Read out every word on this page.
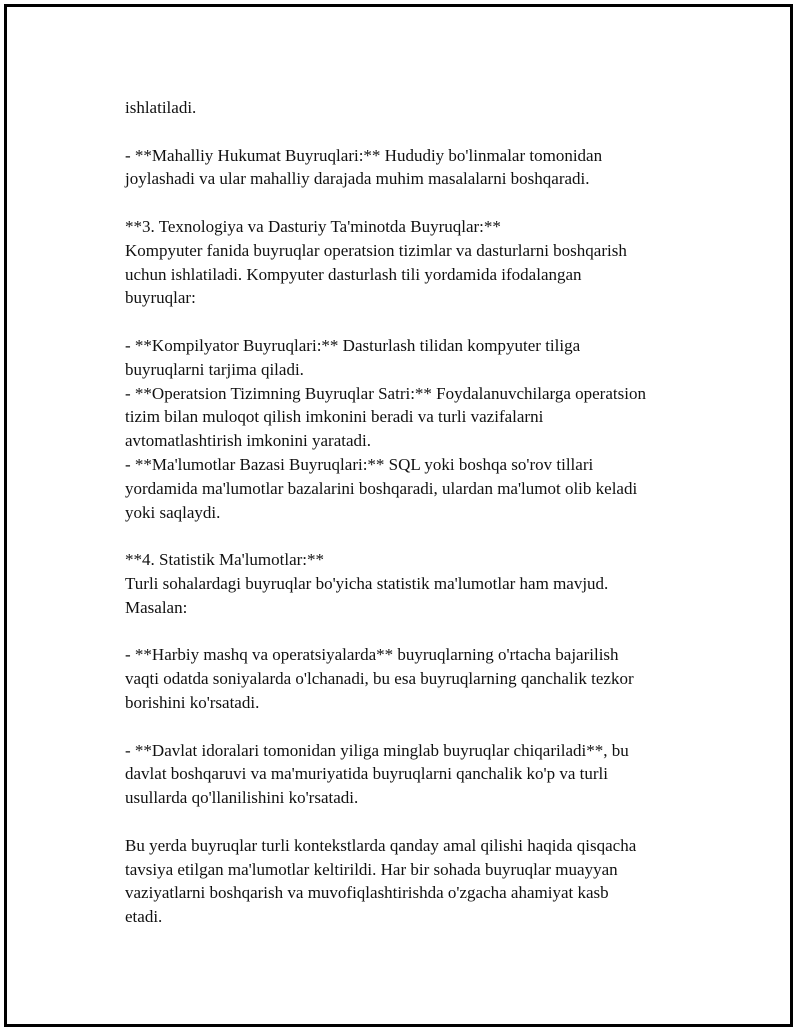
ishlatiladi.

- **Mahalliy Hukumat Buyruqlari:** Hududiy bo'linmalar tomonidan
joylashadi va ular mahalliy darajada muhim masalalarni boshqaradi.

**3. Texnologiya va Dasturiy Ta'minotda Buyruqlar:**
Kompyuter fanida buyruqlar operatsion tizimlar va dasturlarni boshqarish
uchun ishlatiladi. Kompyuter dasturlash tili yordamida ifodalangan
buyruqlar:

- **Kompilyator Buyruqlari:** Dasturlash tilidan kompyuter tiliga
buyruqlarni tarjima qiladi.
- **Operatsion Tizimning Buyruqlar Satri:** Foydalanuvchilarga operatsion
tizim bilan muloqot qilish imkonini beradi va turli vazifalarni
avtomatlashtirish imkonini yaratadi.
- **Ma'lumotlar Bazasi Buyruqlari:** SQL yoki boshqa so'rov tillari
yordamida ma'lumotlar bazalarini boshqaradi, ulardan ma'lumot olib keladi
yoki saqlaydi.

**4. Statistik Ma'lumotlar:**
Turli sohalardagi buyruqlar bo'yicha statistik ma'lumotlar ham mavjud.
Masalan:

- **Harbiy mashq va operatsiyalarda** buyruqlarning o'rtacha bajarilish
vaqti odatda soniyalarda o'lchanadi, bu esa buyruqlarning qanchalik tezkor
borishini ko'rsatadi.

- **Davlat idoralari tomonidan yiliga minglab buyruqlar chiqariladi**, bu
davlat boshqaruvi va ma'muriyatida buyruqlarni qanchalik ko'p va turli
usullarda qo'llanilishini ko'rsatadi.

Bu yerda buyruqlar turli kontekstlarda qanday amal qilishi haqida qisqacha
tavsiya etilgan ma'lumotlar keltirildi. Har bir sohada buyruqlar muayyan
vaziyatlarni boshqarish va muvofiqlashtirishda o'zgacha ahamiyat kasb
etadi.
